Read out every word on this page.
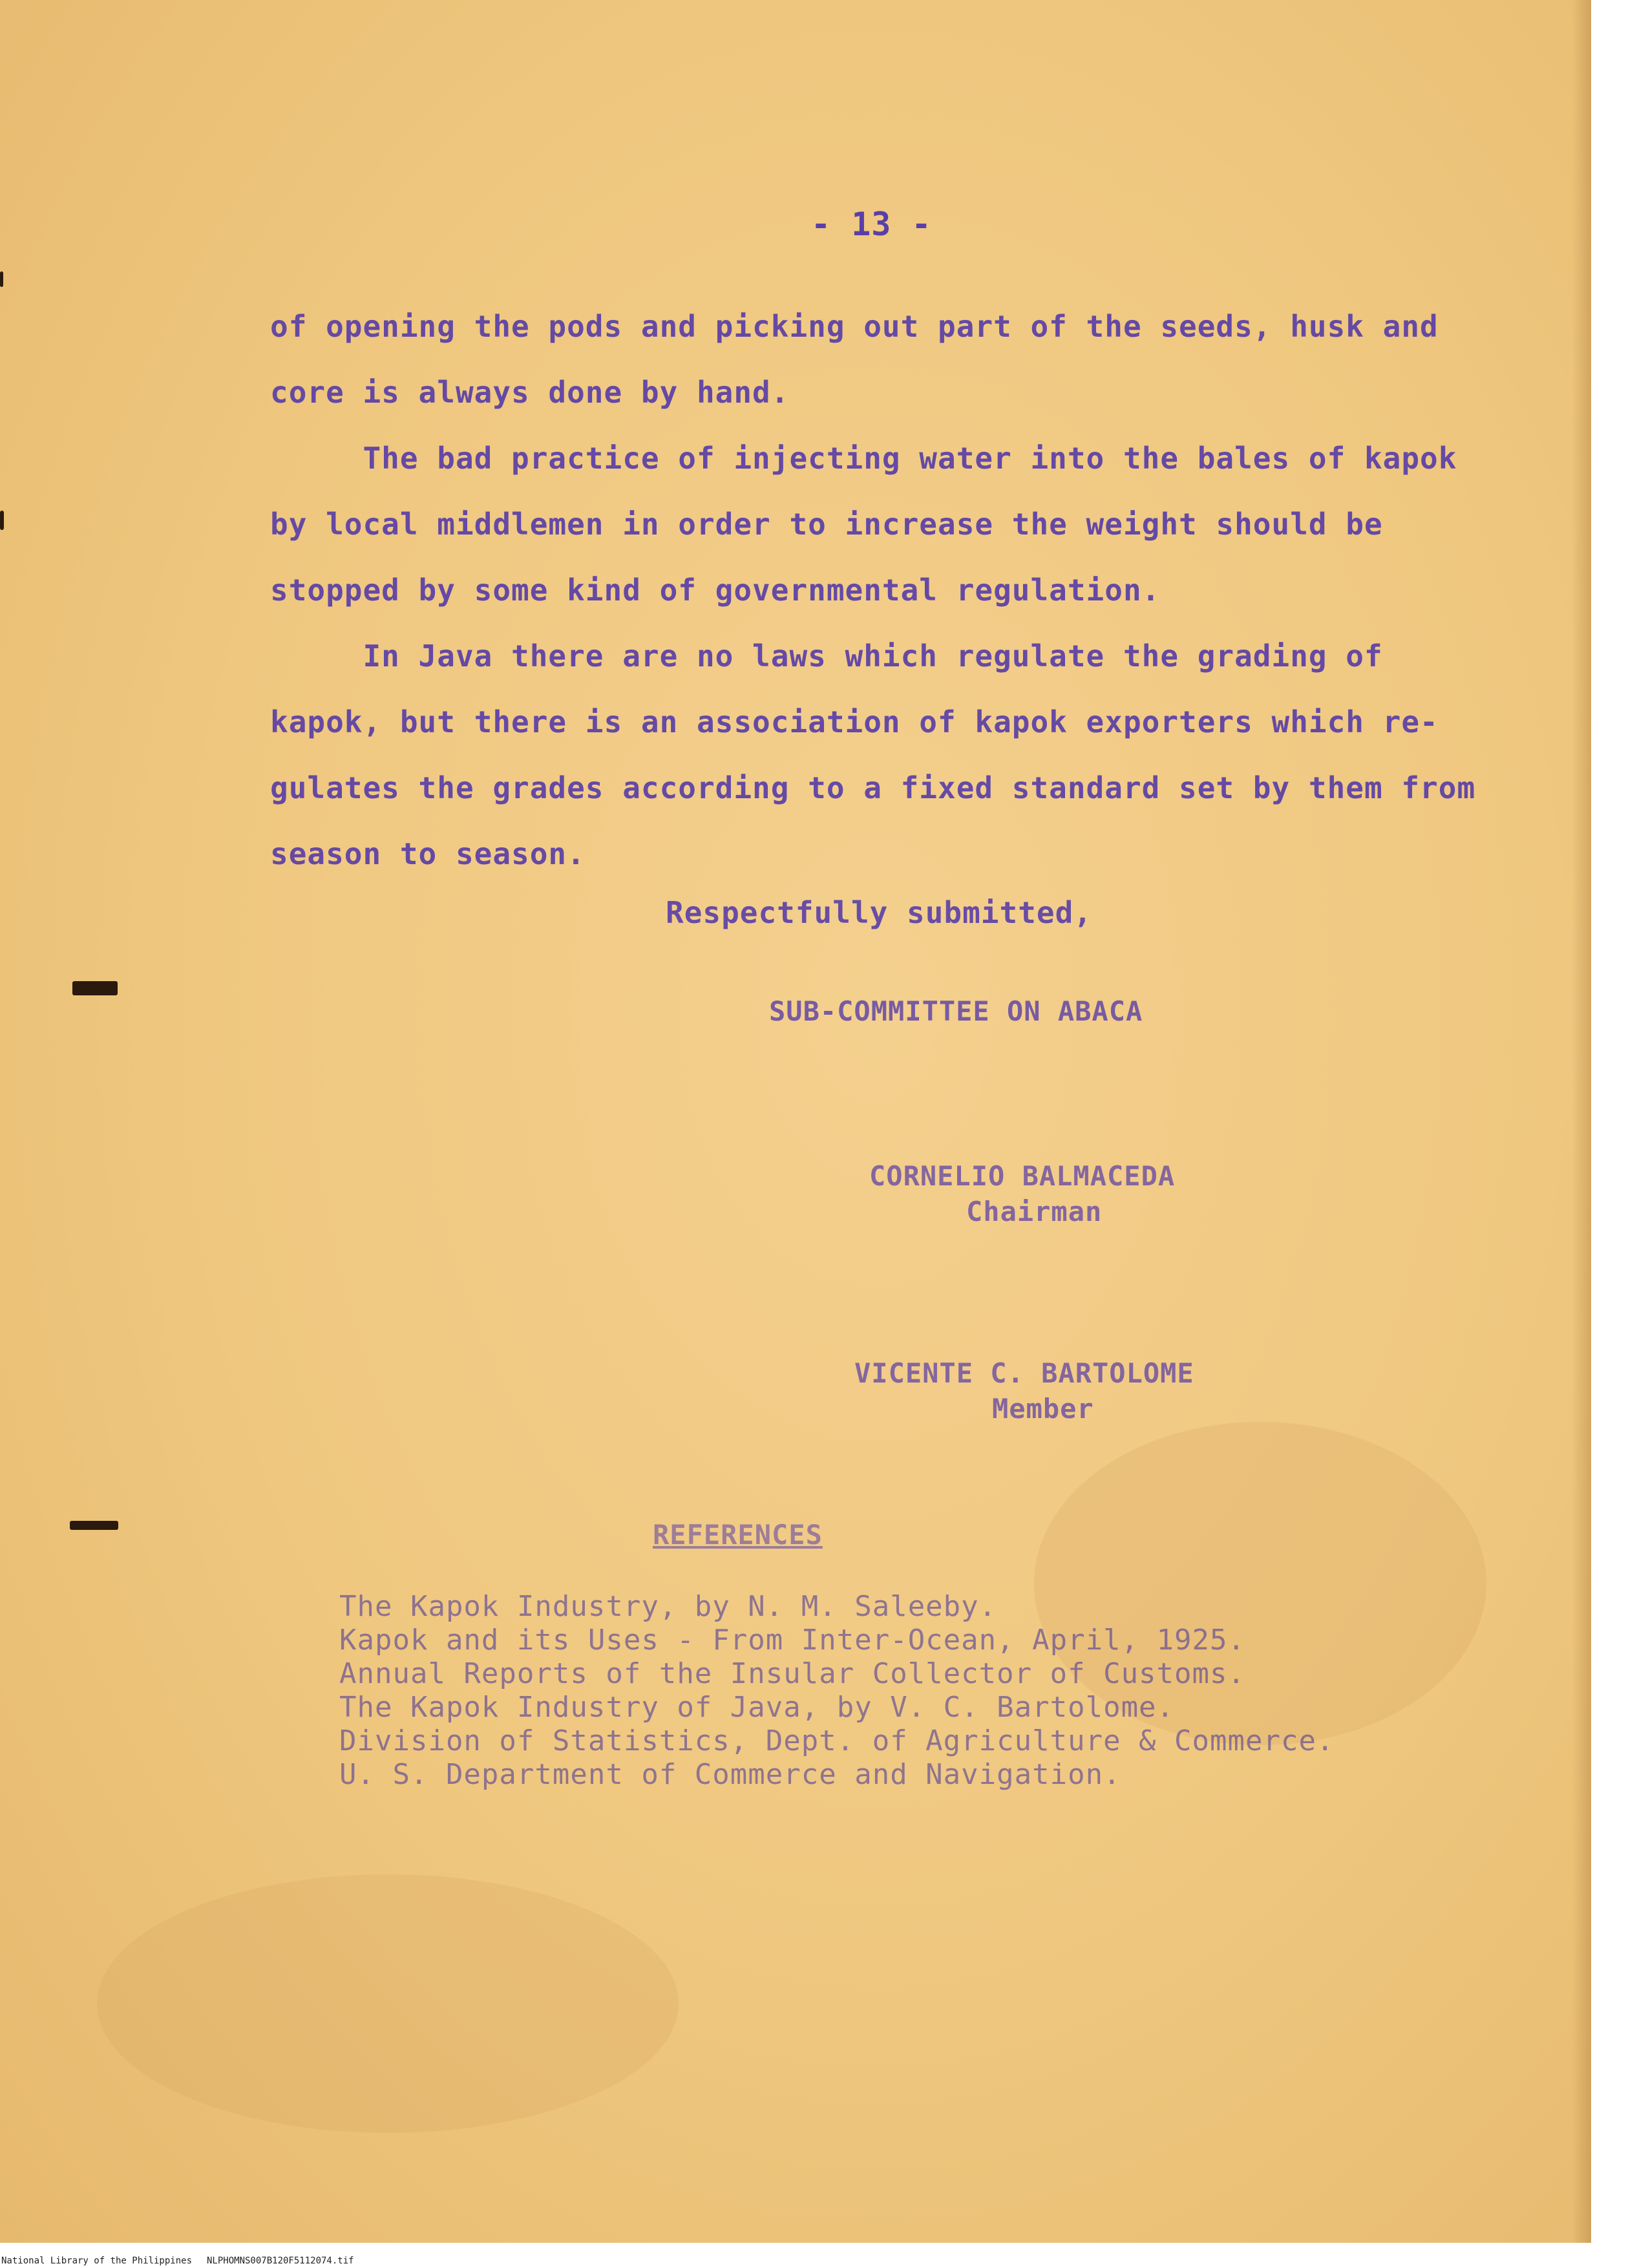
- 13 -
of opening the pods and picking out part of the seeds, husk and
core is always done by hand.
The bad practice of injecting water into the bales of kapok
by local middlemen in order to increase the weight should be
stopped by some kind of governmental regulation.
In Java there are no laws which regulate the grading of
kapok, but there is an association of kapok exporters which re-
gulates the grades according to a fixed standard set by them from
season to season.
Respectfully submitted,
SUB-COMMITTEE ON ABACA
CORNELIO BALMACEDA
Chairman
VICENTE C. BARTOLOME
Member
REFERENCES
The Kapok Industry, by N. M. Saleeby.
Kapok and its Uses - From Inter-Ocean, April, 1925.
Annual Reports of the Insular Collector of Customs.
The Kapok Industry of Java, by V. C. Bartolome.
Division of Statistics, Dept. of Agriculture & Commerce.
U. S. Department of Commerce and Navigation.
National Library of the Philippines NLPHOMNS007B120F5112074.tif
